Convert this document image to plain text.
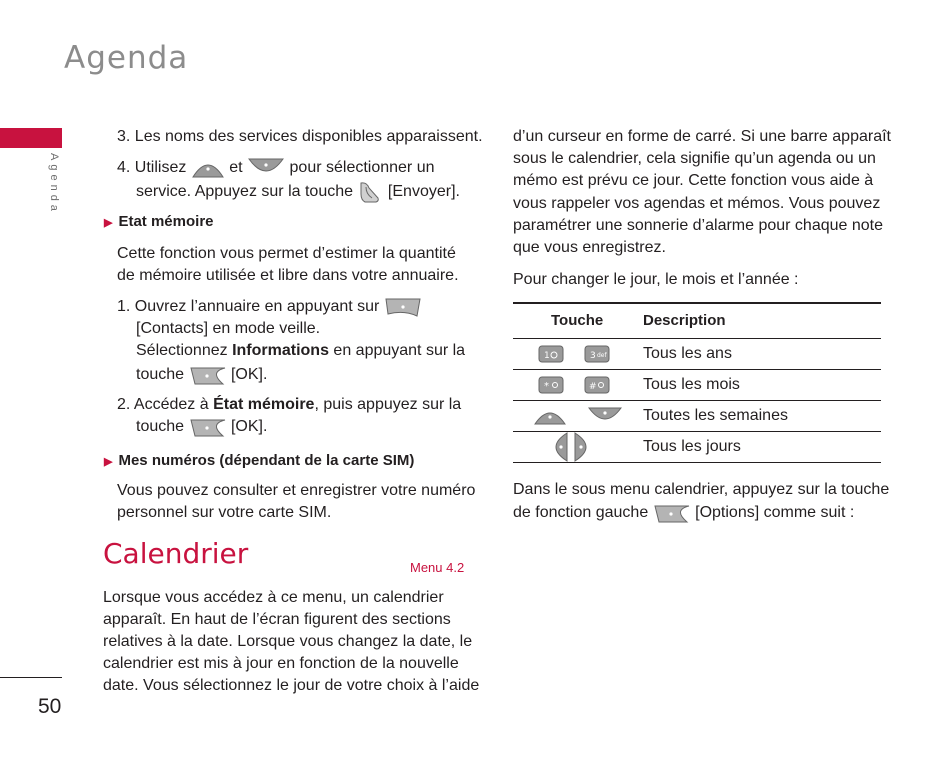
Agenda
Agenda
50
3. Les noms des services disponibles apparaissent.
4. Utilisez	et	pour sélectionner un
service. Appuyez sur la touche [Envoyer].
▶ Etat mémoire
Cette fonction vous permet d’estimer la quantité
de mémoire utilisée et libre dans votre annuaire.
1. Ouvrez l’annuaire en appuyant sur
[Contacts] en mode veille.
Sélectionnez Informations en appuyant sur la
touche	[OK].
2. Accédez à État mémoire, puis appuyez sur la
touche	[OK].
▶ Mes numéros (dépendant de la carte SIM)
Vous pouvez consulter et enregistrer votre numéro
personnel sur votre carte SIM.
Calendrier	Menu 4.2
Lorsque vous accédez à ce menu, un calendrier
apparaît. En haut de l’écran figurent des sections
relatives à la date. Lorsque vous changez la date, le
calendrier est mis à jour en fonction de la nouvelle
date. Vous sélectionnez le jour de votre choix à l’aide
d’un curseur en forme de carré. Si une barre apparaît
sous le calendrier, cela signifie qu’un agenda ou un
mémo est prévu ce jour. Cette fonction vous aide à
vous rappeler vos agendas et mémos. Vous pouvez
paramétrer une sonnerie d’alarme pour chaque note
que vous enregistrez.
Pour changer le jour, le mois et l’année :
Touche	Description

1 3 def	Tous les ans

* #	Tous les mois

	Toutes les semaines

	Tous les jours
Dans le sous menu calendrier, appuyez sur la touche
de fonction gauche	[Options] comme suit :
